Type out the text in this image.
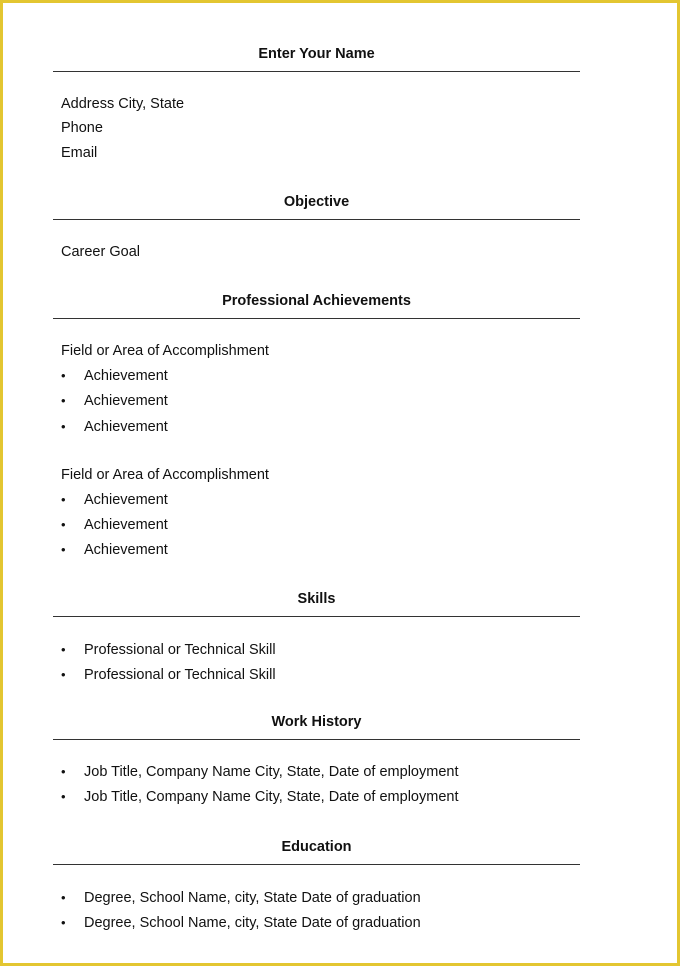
Enter Your Name
Address City, State
Phone
Email
Objective
Career Goal
Professional Achievements
Field or Area of Accomplishment
• Achievement
• Achievement
• Achievement
Field or Area of Accomplishment
• Achievement
• Achievement
• Achievement
Skills
• Professional or Technical Skill
• Professional or Technical Skill
Work History
• Job Title, Company Name City, State, Date of employment
• Job Title, Company Name City, State, Date of employment
Education
• Degree, School Name, city, State Date of graduation
• Degree, School Name, city, State Date of graduation
